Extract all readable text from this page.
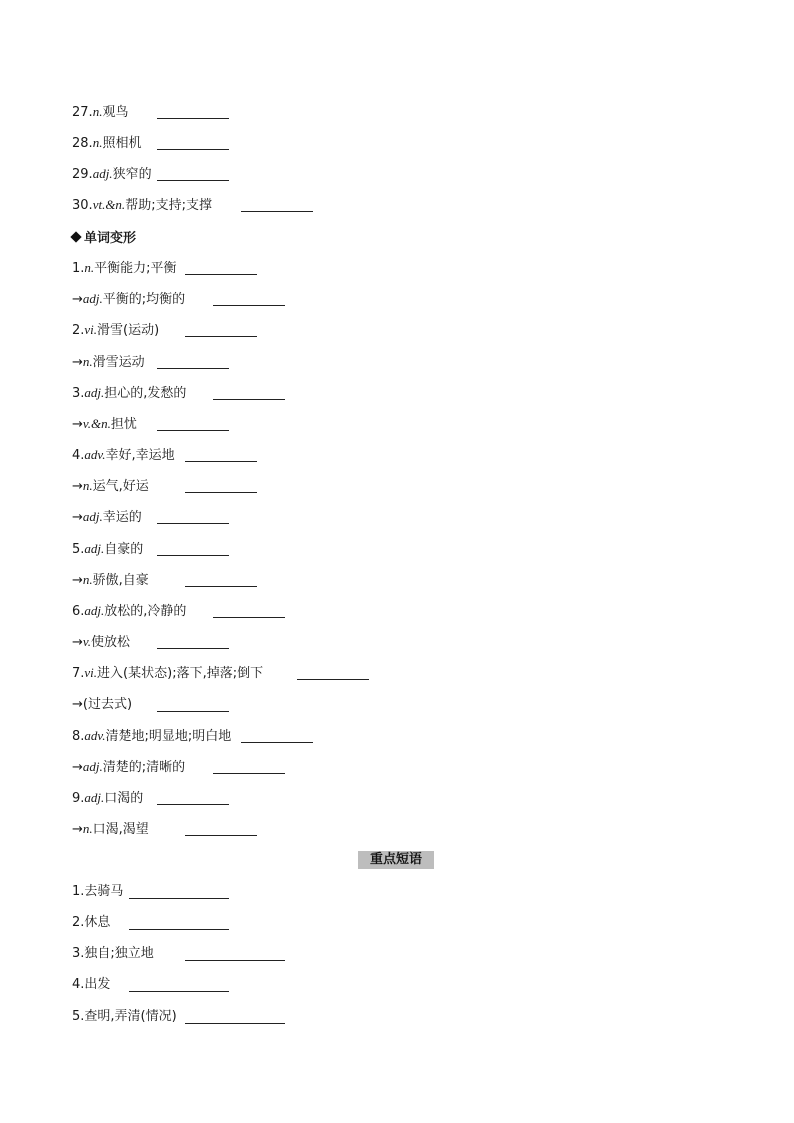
27.n.观鸟
28.n.照相机
29.adj.狭窄的
30.vt.&n.帮助;支持;支撑
单词变形
1.n.平衡能力;平衡
→adj.平衡的;均衡的
2.vi.滑雪(运动)
→n.滑雪运动
3.adj.担心的,发愁的
→v.&n.担忧
4.adv.幸好,幸运地
→n.运气,好运
→adj.幸运的
5.adj.自豪的
→n.骄傲,自豪
6.adj.放松的,冷静的
→v.使放松
7.vi.进入(某状态);落下,掉落;倒下
→(过去式)
8.adv.清楚地;明显地;明白地
→adj.清楚的;清晰的
9.adj.口渴的
→n.口渴,渴望
重点短语
1.去骑马
2.休息
3.独自;独立地
4.出发
5.查明,弄清(情况)
